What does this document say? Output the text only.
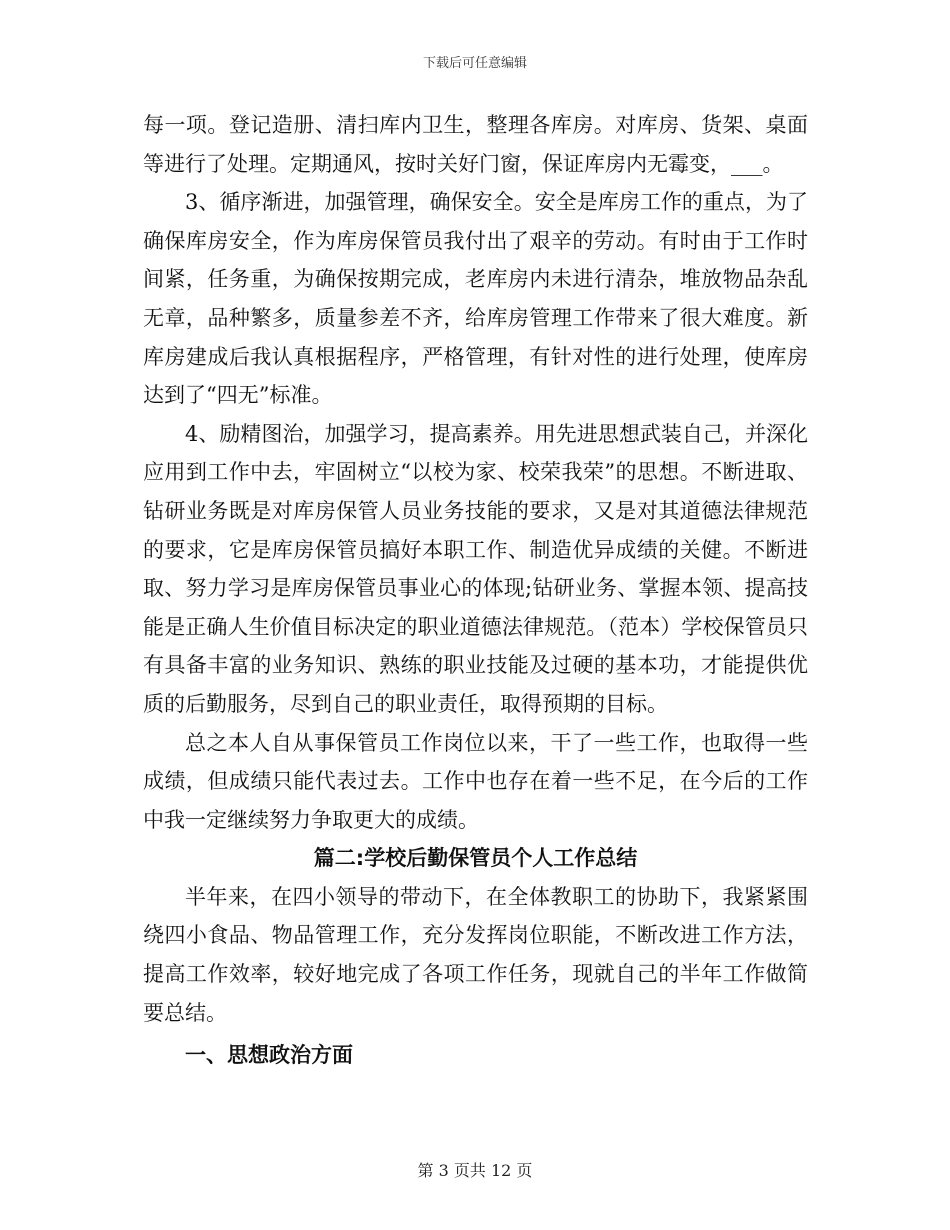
下载后可任意编辑

每一项。登记造册、清扫库内卫生，整理各库房。对库房、货架、桌面等进行了处理。定期通风，按时关好门窗，保证库房内无霉变，___。

3、循序渐进，加强管理，确保安全。安全是库房工作的重点，为了确保库房安全，作为库房保管员我付出了艰辛的劳动。有时由于工作时间紧，任务重，为确保按期完成，老库房内未进行清杂，堆放物品杂乱无章，品种繁多，质量参差不齐，给库房管理工作带来了很大难度。新库房建成后我认真根据程序，严格管理，有针对性的进行处理，使库房达到了“四无”标准。

4、励精图治，加强学习，提高素养。用先进思想武装自己，并深化应用到工作中去，牢固树立“以校为家、校荣我荣”的思想。不断进取、钻研业务既是对库房保管人员业务技能的要求，又是对其道德法律规范的要求，它是库房保管员搞好本职工作、制造优异成绩的关健。不断进取、努力学习是库房保管员事业心的体现;钻研业务、掌握本领、提高技能是正确人生价值目标决定的职业道德法律规范。（范本）学校保管员只有具备丰富的业务知识、熟练的职业技能及过硬的基本功，才能提供优质的后勤服务，尽到自己的职业责任，取得预期的目标。

总之本人自从事保管员工作岗位以来，干了一些工作，也取得一些成绩，但成绩只能代表过去。工作中也存在着一些不足，在今后的工作中我一定继续努力争取更大的成绩。

篇二:学校后勤保管员个人工作总结

半年来，在四小领导的带动下，在全体教职工的协助下，我紧紧围绕四小食品、物品管理工作，充分发挥岗位职能，不断改进工作方法，提高工作效率，较好地完成了各项工作任务，现就自己的半年工作做简要总结。

一、思想政治方面

第 3 页共 12 页
